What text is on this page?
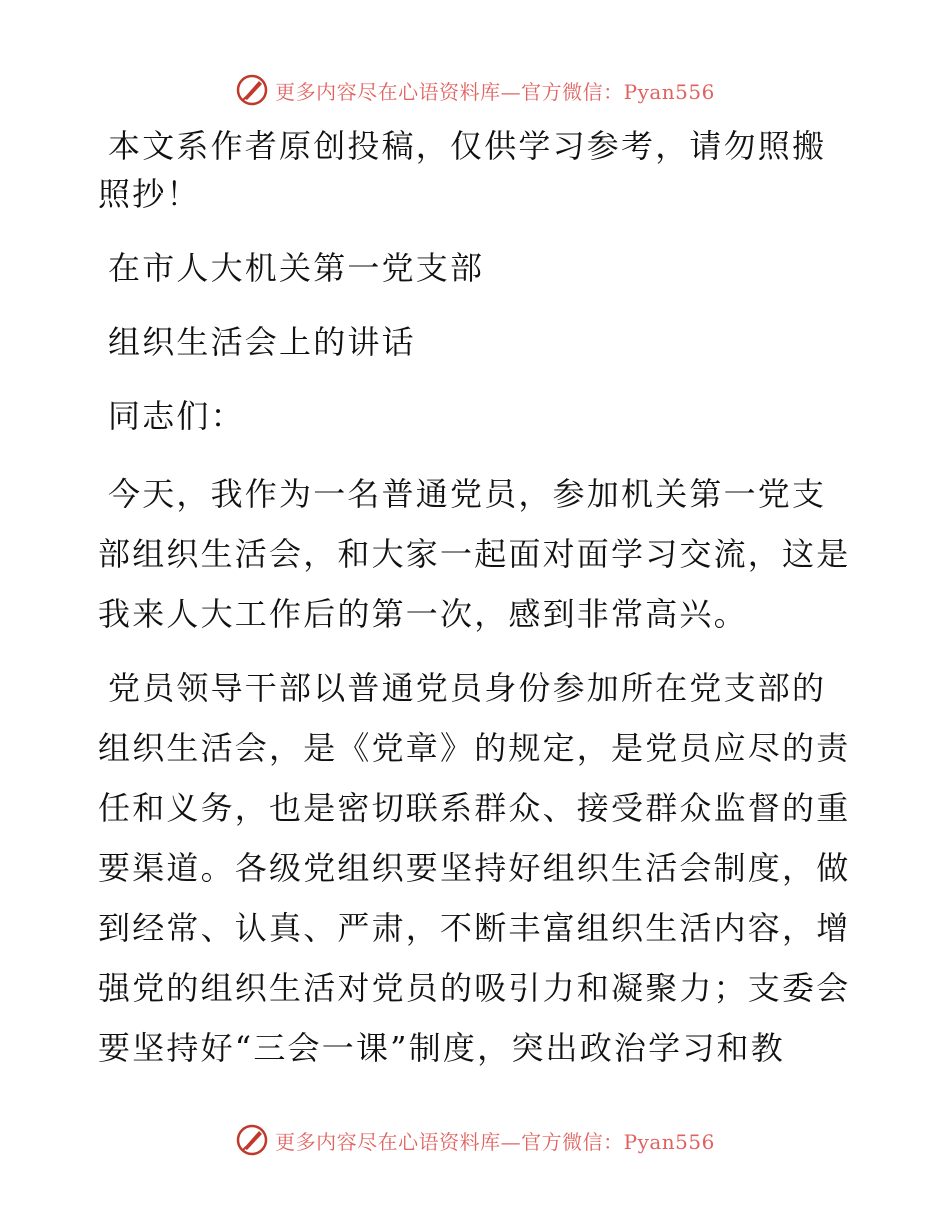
更多内容尽在心语资料库—官方微信：Pyan556

本文系作者原创投稿，仅供学习参考，请勿照搬照抄！

在市人大机关第一党支部

组织生活会上的讲话

同志们：

今天，我作为一名普通党员，参加机关第一党支部组织生活会，和大家一起面对面学习交流，这是我来人大工作后的第一次，感到非常高兴。

党员领导干部以普通党员身份参加所在党支部的组织生活会，是《党章》的规定，是党员应尽的责任和义务，也是密切联系群众、接受群众监督的重要渠道。各级党组织要坚持好组织生活会制度，做到经常、认真、严肃，不断丰富组织生活内容，增强党的组织生活对党员的吸引力和凝聚力；支委会要坚持好“三会一课”制度，突出政治学习和教

更多内容尽在心语资料库—官方微信：Pyan556
